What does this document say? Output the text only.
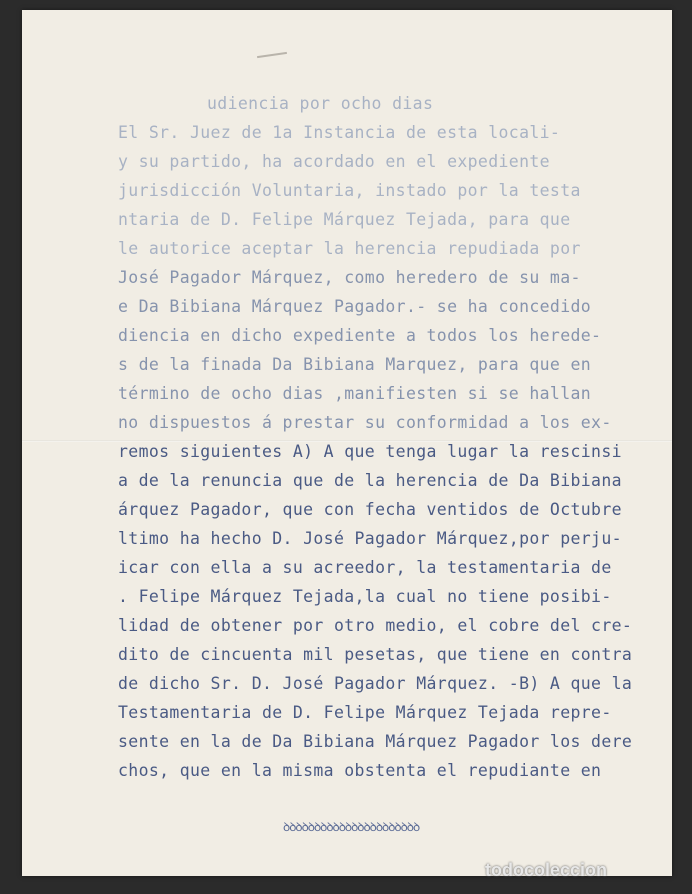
udiencia por ocho dias
El Sr. Juez de 1a Instancia de esta locali-
y su partido, ha acordado en el expediente
jurisdicción Voluntaria, instado por la testa
ntaria de D. Felipe Márquez Tejada, para que
le autorice aceptar la herencia repudiada por
José Pagador Márquez, como heredero de su ma-
e Da Bibiana Márquez Pagador.- se ha concedido
diencia en dicho expediente a todos los herede-
s de la finada Da Bibiana Marquez, para que en
término de ocho dias ,manifiesten si se hallan
no dispuestos á prestar su conformidad a los ex-
remos siguientes A) A que tenga lugar la rescinsi
a de la renuncia que de la herencia de Da Bibiana
árquez Pagador, que con fecha ventidos de Octubre
ltimo ha hecho D. José Pagador Márquez,por perju-
icar con ella a su acreedor, la testamentaria de
. Felipe Márquez Tejada,la cual no tiene posibi-
lidad de obtener por otro medio, el cobre del cre-
dito de cincuenta mil pesetas, que tiene en contra
de dicho Sr. D. José Pagador Márquez. -B) A que la
Testamentaria de D. Felipe Márquez Tejada repre-
sente en la de Da Bibiana Márquez Pagador los dere
chos, que en la misma obstenta el repudiante en
ꝺꝺꝺꝺꝺꝺꝺꝺꝺꝺꝺꝺꝺꝺꝺꝺꝺꝺꝺꝺꝺꝺ
todocoleccion
